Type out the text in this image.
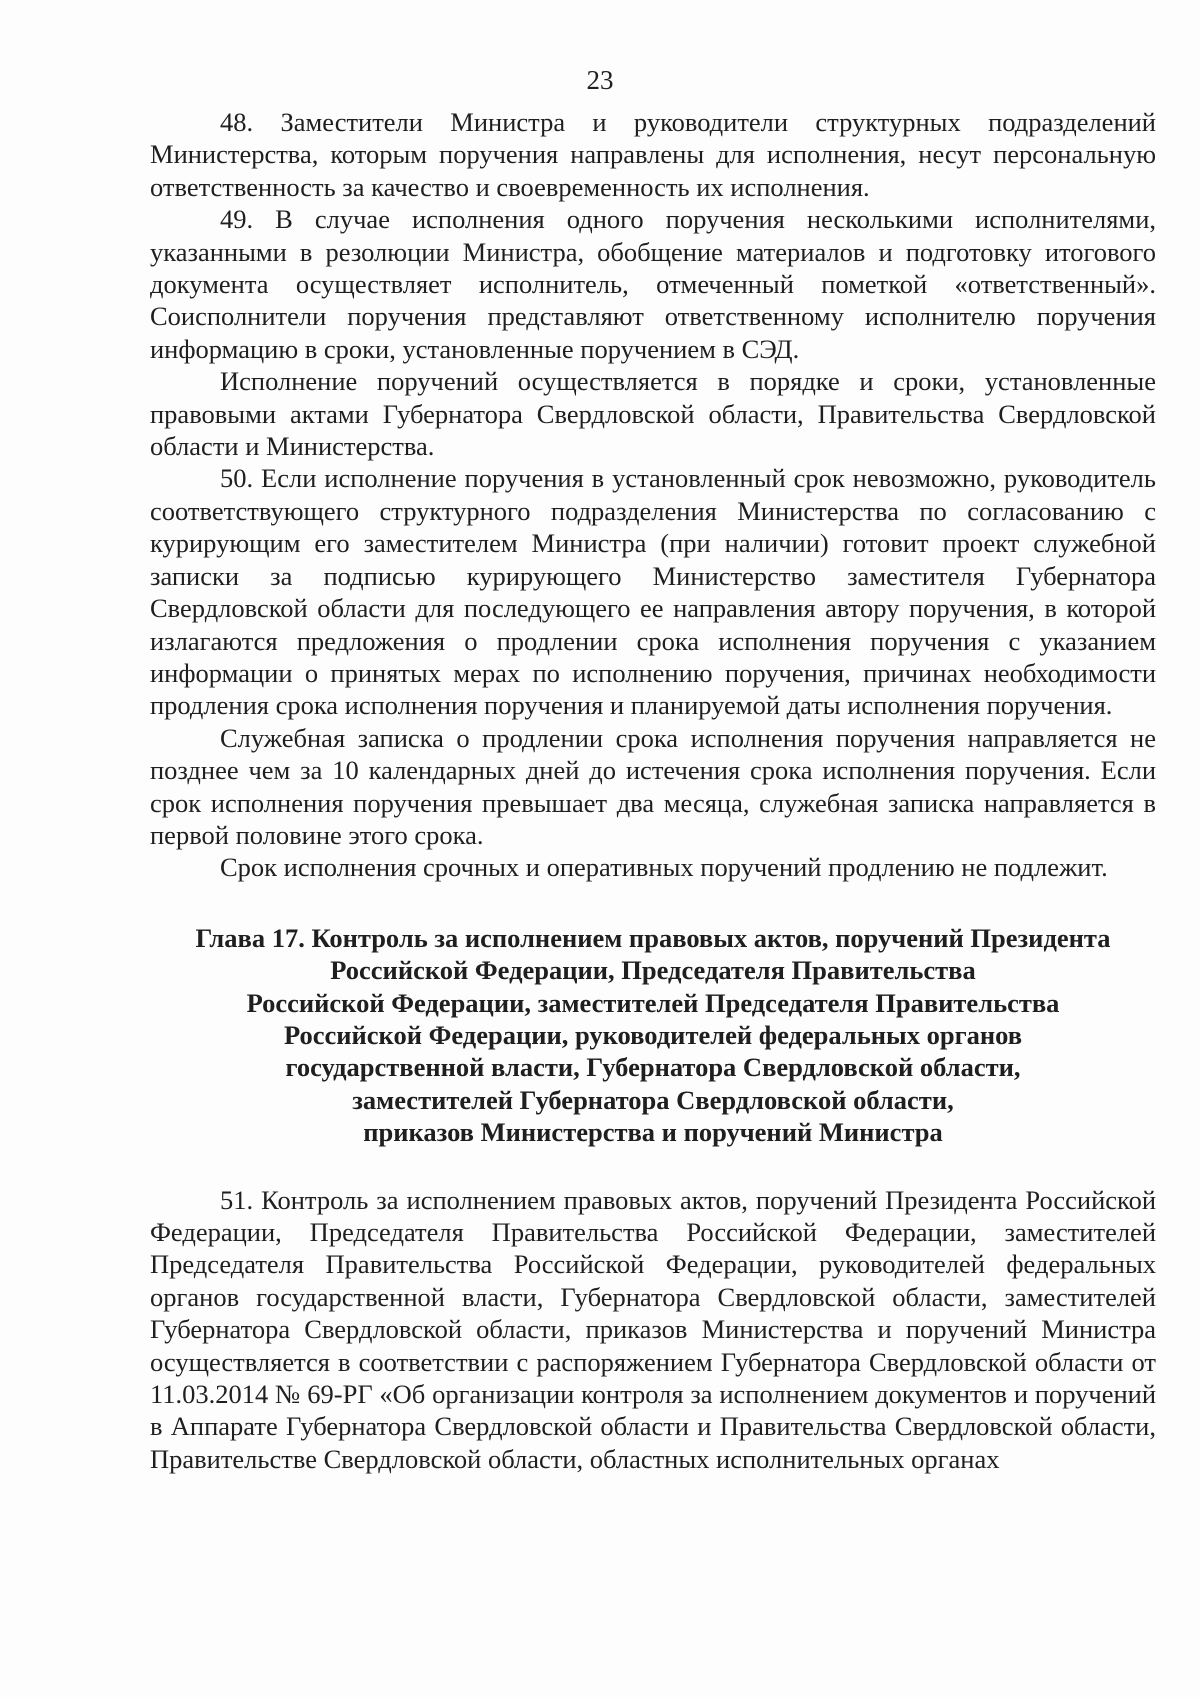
23

48. Заместители Министра и руководители структурных подразделений Министерства, которым поручения направлены для исполнения, несут персональную ответственность за качество и своевременность их исполнения.

49. В случае исполнения одного поручения несколькими исполнителями, указанными в резолюции Министра, обобщение материалов и подготовку итогового документа осуществляет исполнитель, отмеченный пометкой «ответственный». Соисполнители поручения представляют ответственному исполнителю поручения информацию в сроки, установленные поручением в СЭД.

Исполнение поручений осуществляется в порядке и сроки, установленные правовыми актами Губернатора Свердловской области, Правительства Свердловской области и Министерства.

50. Если исполнение поручения в установленный срок невозможно, руководитель соответствующего структурного подразделения Министерства по согласованию с курирующим его заместителем Министра (при наличии) готовит проект служебной записки за подписью курирующего Министерство заместителя Губернатора Свердловской области для последующего ее направления автору поручения, в которой излагаются предложения о продлении срока исполнения поручения с указанием информации о принятых мерах по исполнению поручения, причинах необходимости продления срока исполнения поручения и планируемой даты исполнения поручения.

Служебная записка о продлении срока исполнения поручения направляется не позднее чем за 10 календарных дней до истечения срока исполнения поручения. Если срок исполнения поручения превышает два месяца, служебная записка направляется в первой половине этого срока.

Срок исполнения срочных и оперативных поручений продлению не подлежит.

Глава 17. Контроль за исполнением правовых актов, поручений Президента
Российской Федерации, Председателя Правительства
Российской Федерации, заместителей Председателя Правительства
Российской Федерации, руководителей федеральных органов
государственной власти, Губернатора Свердловской области,
заместителей Губернатора Свердловской области,
приказов Министерства и поручений Министра

51. Контроль за исполнением правовых актов, поручений Президента Российской Федерации, Председателя Правительства Российской Федерации, заместителей Председателя Правительства Российской Федерации, руководителей федеральных органов государственной власти, Губернатора Свердловской области, заместителей Губернатора Свердловской области, приказов Министерства и поручений Министра осуществляется в соответствии с распоряжением Губернатора Свердловской области от 11.03.2014 № 69-РГ «Об организации контроля за исполнением документов и поручений в Аппарате Губернатора Свердловской области и Правительства Свердловской области, Правительстве Свердловской области, областных исполнительных органах
